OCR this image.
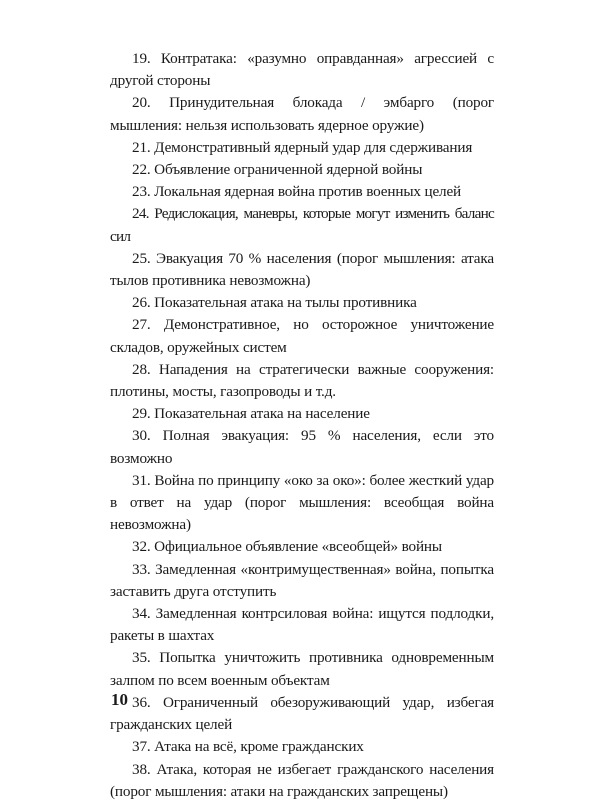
19. Контратака: «разумно оправданная» агрессией с другой стороны

20. Принудительная блокада / эмбарго (порог мышления: нельзя использовать ядерное оружие)

21. Демонстративный ядерный удар для сдерживания

22. Объявление ограниченной ядерной войны

23. Локальная ядерная война против военных целей

24. Редислокация, маневры, которые могут изменить баланс сил

25. Эвакуация 70 % населения (порог мышления: атака тылов противника невозможна)

26. Показательная атака на тылы противника

27. Демонстративное, но осторожное уничтожение складов, оружейных систем

28. Нападения на стратегически важные сооружения: плотины, мосты, газопроводы и т.д.

29. Показательная атака на население

30. Полная эвакуация: 95 % населения, если это возможно

31. Война по принципу «око за око»: более жесткий удар в ответ на удар (порог мышления: всеобщая война невозможна)

32. Официальное объявление «всеобщей» войны

33. Замедленная «контримущественная» война, попытка заставить друга отступить

34. Замедленная контрсиловая война: ищутся подлодки, ракеты в шахтах

35. Попытка уничтожить противника одновременным залпом по всем военным объектам

36. Ограниченный обезоруживающий удар, избегая гражданских целей

37. Атака на всё, кроме гражданских

38. Атака, которая не избегает гражданского населения (порог мышления: атаки на гражданских запрещены)

10
